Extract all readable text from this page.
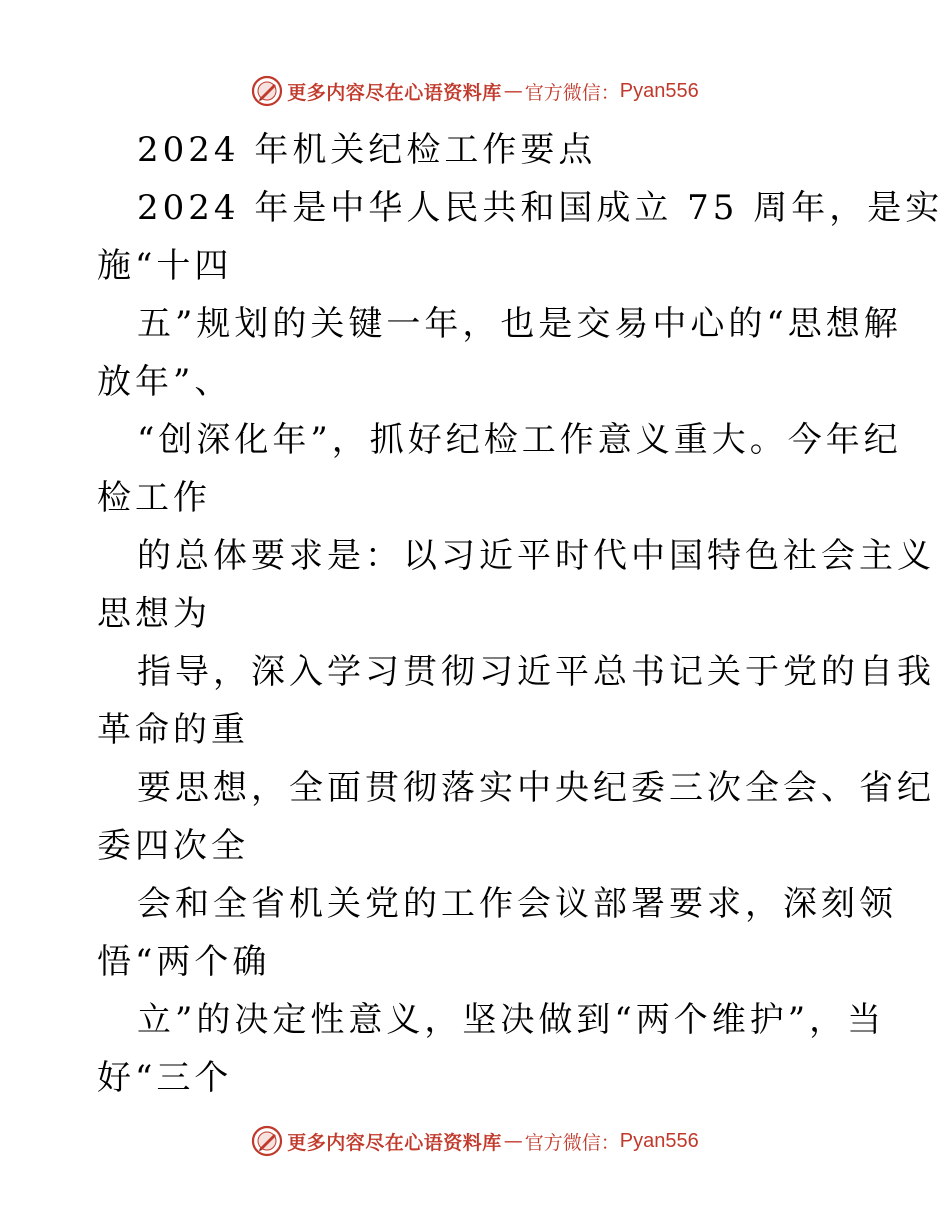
更多内容尽在心语资料库 — 官方微信： Pyan556
2024 年机关纪检工作要点
2024 年是中华人民共和国成立 75 周年，是实
施“十四
五”规划的关键一年，也是交易中心的“思想解
放年”、
“创深化年”，抓好纪检工作意义重大。今年纪
检工作
的总体要求是：以习近平时代中国特色社会主义
思想为
指导，深入学习贯彻习近平总书记关于党的自我
革命的重
要思想，全面贯彻落实中央纪委三次全会、省纪
委四次全
会和全省机关党的工作会议部署要求，深刻领
悟“两个确
立”的决定性意义，坚决做到“两个维护”，当
好“三个
更多内容尽在心语资料库 — 官方微信： Pyan556
